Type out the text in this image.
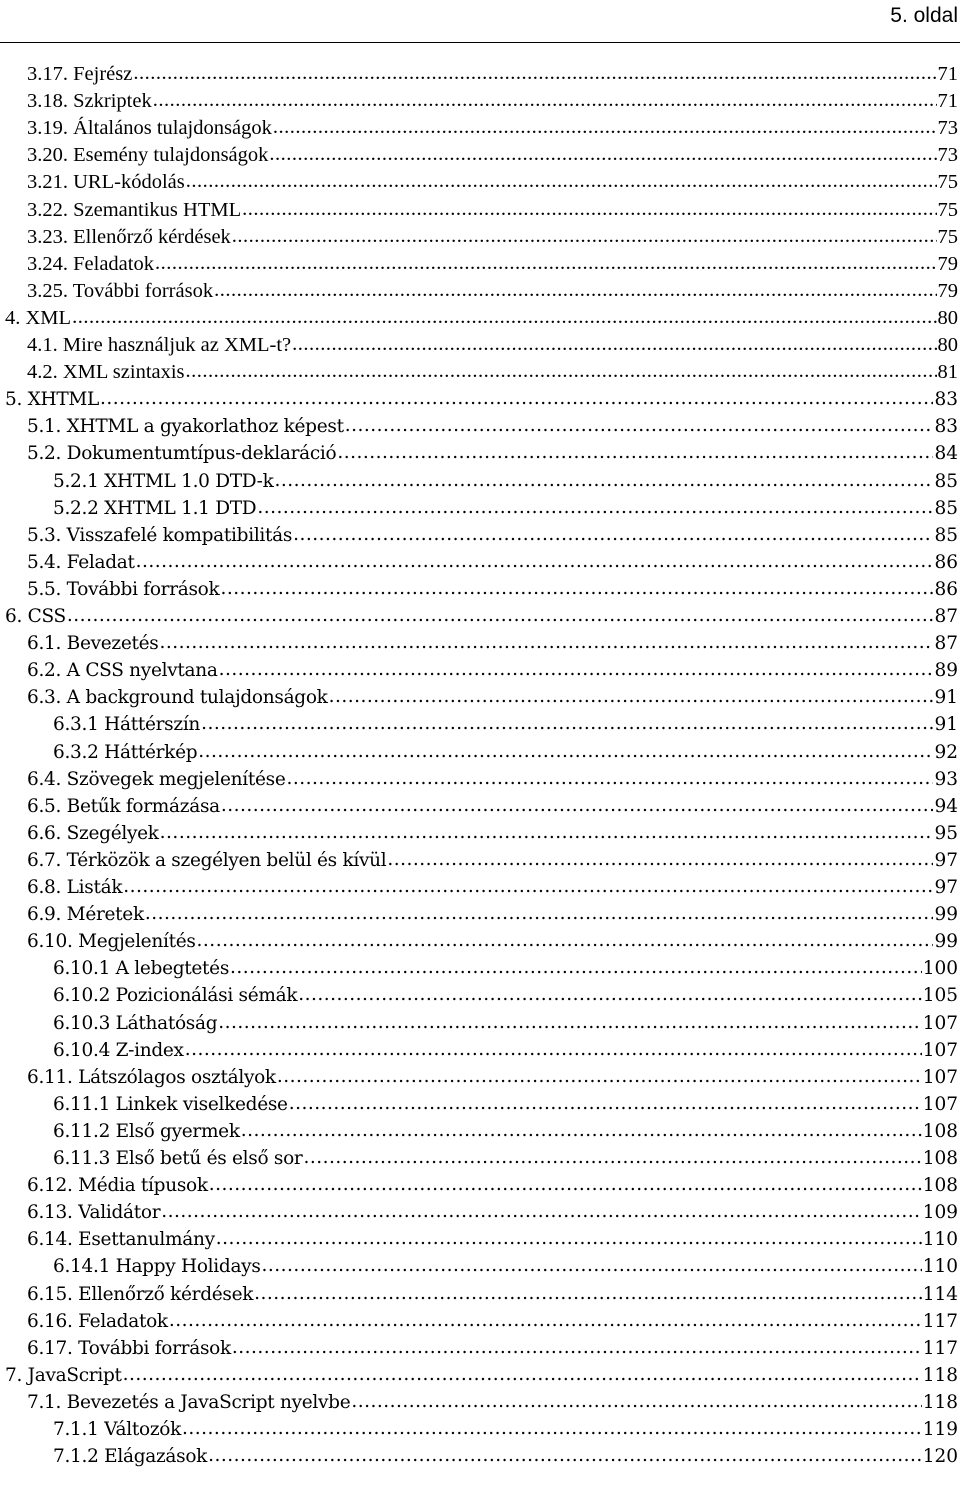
5. oldal
3.17. Fejrész .....	71
3.18. Szkriptek .....	71
3.19. Általános tulajdonságok .....	73
3.20. Esemény tulajdonságok .....	73
3.21. URL-kódolás .....	75
3.22. Szemantikus HTML .....	75
3.23. Ellenőrző kérdések .....	75
3.24. Feladatok .....	79
3.25. További források .....	79
4. XML .....	80
4.1. Mire használjuk az XML-t? .....	80
4.2. XML szintaxis .....	81
5. XHTML .....	83
5.1. XHTML a gyakorlathoz képest .....	83
5.2. Dokumentumtípus-deklaráció .....	84
5.2.1 XHTML 1.0 DTD-k .....	85
5.2.2 XHTML 1.1 DTD .....	85
5.3. Visszafelé kompatibilitás .....	85
5.4. Feladat .....	86
5.5. További források .....	86
6. CSS .....	87
6.1. Bevezetés .....	87
6.2. A CSS nyelvtana .....	89
6.3. A background tulajdonságok .....	91
6.3.1 Háttérszín .....	91
6.3.2 Háttérkép .....	92
6.4. Szövegek megjelenítése .....	93
6.5. Betűk formázása .....	94
6.6. Szegélyek .....	95
6.7. Térközök a szegélyen belül és kívül .....	97
6.8. Listák .....	97
6.9. Méretek .....	99
6.10. Megjelenítés .....	99
6.10.1 A lebegtetés .....	100
6.10.2 Pozicionálási sémák .....	105
6.10.3 Láthatóság .....	107
6.10.4 Z-index .....	107
6.11. Látszólagos osztályok .....	107
6.11.1 Linkek viselkedése .....	107
6.11.2 Első gyermek .....	108
6.11.3 Első betű és első sor .....	108
6.12. Média típusok .....	108
6.13. Validátor .....	109
6.14. Esettanulmány .....	110
6.14.1 Happy Holidays .....	110
6.15. Ellenőrző kérdések .....	114
6.16. Feladatok .....	117
6.17. További források .....	117
7. JavaScript .....	118
7.1. Bevezetés a JavaScript nyelvbe .....	118
7.1.1 Változók .....	119
7.1.2 Elágazások .....	120
